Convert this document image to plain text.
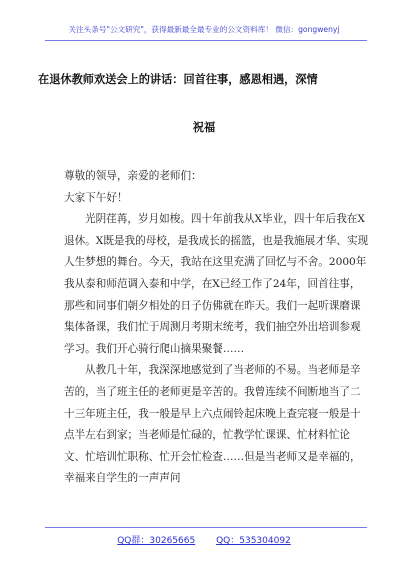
关注头条号"公文研究"，获得最新最全最专业的公文资料库！ 微信：gongwenyj
在退休教师欢送会上的讲话：回首往事，感恩相遇，深情
祝福

尊敬的领导，亲爱的老师们：

大家下午好！

光阴荏苒，岁月如梭。四十年前我从X毕业，四十年后我在X退休。X既是我的母校，是我成长的摇篮，也是我施展才华、实现人生梦想的舞台。今天，我站在这里充满了回忆与不舍。2000年我从泰和师范调入泰和中学，在X已经工作了24年，回首往事，那些和同事们朝夕相处的日子仿佛就在昨天。我们一起听课磨课集体备课，我们忙于周测月考期末统考，我们抽空外出培训参观学习。我们开心骑行爬山摘果聚餐……

从教几十年，我深深地感觉到了当老师的不易。当老师是辛苦的，当了班主任的老师更是辛苦的。我曾连续不间断地当了二十三年班主任，我一般是早上六点闹铃起床晚上查完寝一般是十点半左右到家；当老师是忙碌的，忙教学忙课课、忙材料忙论文、忙培训忙职称、忙开会忙检查……但是当老师又是幸福的，幸福来自学生的一声声问

QQ群：30265665 QQ：535304092
